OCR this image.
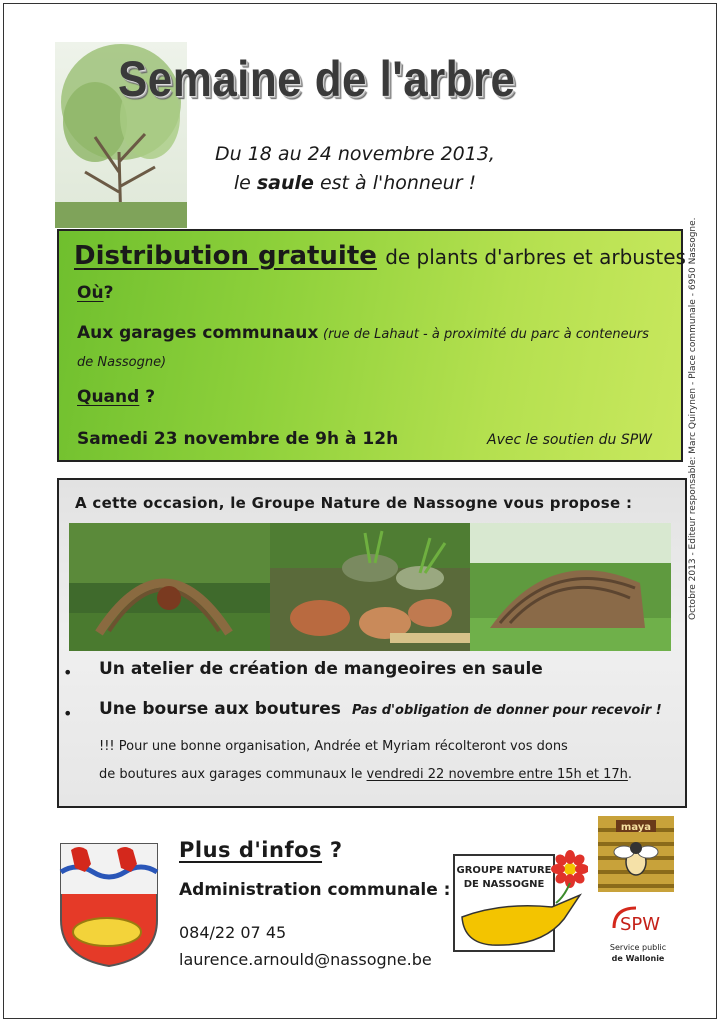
Semaine de l'arbre
Du 18 au 24 novembre 2013,
le saule est à l'honneur !
Distribution gratuite de plants d'arbres et arbustes
Où?
Aux garages communaux (rue de Lahaut - à proximité du parc à conteneurs
de Nassogne)
Quand ?
Samedi 23 novembre de 9h à 12h	Avec le soutien du SPW
A cette occasion, le Groupe Nature de Nassogne vous propose :
• Un atelier de création de mangeoires en saule
• Une bourse aux boutures Pas d'obligation de donner pour recevoir !
!!! Pour une bonne organisation, Andrée et Myriam récolteront vos dons
de boutures aux garages communaux le vendredi 22 novembre entre 15h et 17h.
Plus d'infos ?
Administration communale :
084/22 07 45
laurence.arnould@nassogne.be
GROUPE NATURE
DE NASSOGNE
maya
SPW
Service public
de Wallonie
Octobre 2013 - Editeur responsable: Marc Quirynen - Place communale - 6950 Nassogne.
